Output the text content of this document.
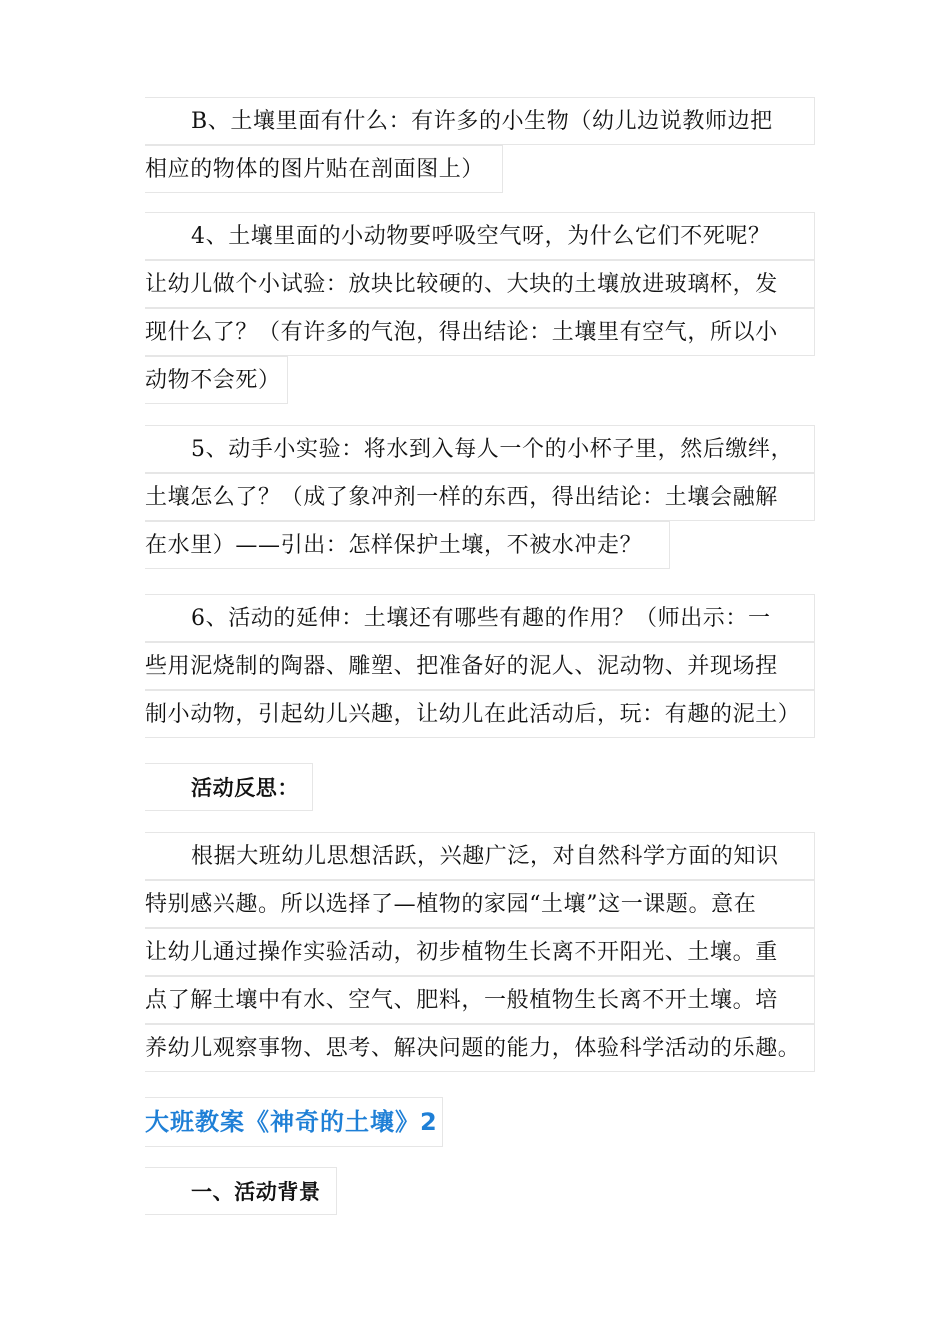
B、土壤里面有什么：有许多的小生物（幼儿边说教师边把
相应的物体的图片贴在剖面图上）
4、土壤里面的小动物要呼吸空气呀，为什么它们不死呢？
让幼儿做个小试验：放块比较硬的、大块的土壤放进玻璃杯，发
现什么了？（有许多的气泡，得出结论：土壤里有空气，所以小
动物不会死）
5、动手小实验：将水到入每人一个的小杯子里，然后缴绊，
土壤怎么了？（成了象冲剂一样的东西，得出结论：土壤会融解
在水里）——引出：怎样保护土壤，不被水冲走？
6、活动的延伸：土壤还有哪些有趣的作用？（师出示：一
些用泥烧制的陶器、雕塑、把准备好的泥人、泥动物、并现场捏
制小动物，引起幼儿兴趣，让幼儿在此活动后，玩：有趣的泥土）
活动反思：
根据大班幼儿思想活跃，兴趣广泛，对自然科学方面的知识
特别感兴趣。所以选择了—植物的家园“土壤”这一课题。意在
让幼儿通过操作实验活动，初步植物生长离不开阳光、土壤。重
点了解土壤中有水、空气、肥料，一般植物生长离不开土壤。培
养幼儿观察事物、思考、解决问题的能力，体验科学活动的乐趣。
大班教案《神奇的土壤》2
一、活动背景
